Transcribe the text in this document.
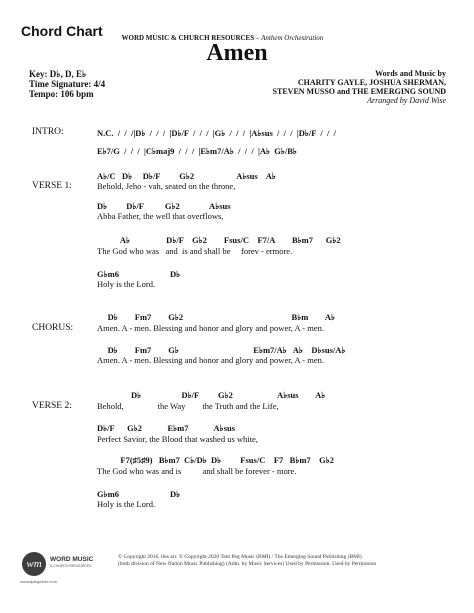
Chord Chart	WORD MUSIC & CHURCH RESOURCES – Anthem Orchestration

Amen
Key: D♭, D, E♭
Time Signature: 4/4
Tempo: 106 bpm
Words and Music by
CHARITY GAYLE, JOSHUA SHERMAN,
STEVEN MUSSO and THE EMERGING SOUND
Arranged by David Wise
INTRO:	N.C.  /  /  /|D♭  /  /  /  |D♭/F  /  /  /  |G♭  /  /  /  |A♭sus  /  /  /  |D♭/F  /  /  /
E♭7/G  /  /  /  |C♭maj9  /  /  /  |E♭m7/A♭  /  /  /  |A♭  G♭/B♭
VERSE 1:
A♭/C   D♭     D♭/F         G♭2                    A♭sus    A♭
Behold, Jeho - vah, seated on the throne,
D♭         D♭/F          G♭2              A♭sus
Abba Father, the well that overflows,
A♭                 D♭/F    G♭2        Fsus/C    F7/A        B♭m7      G♭2
The God who was   and  is and shall be     forev - ermore.
G♭m6                        D♭
Holy is the Lord.
CHORUS:
D♭        Fm7        G♭2                                                   B♭m        A♭
Amen. A - men. Blessing and honor and glory and power, A - men.
D♭        Fm7        G♭                                   E♭m7/A♭   A♭    D♭sus/A♭
Amen. A - men. Blessing and honor and glory and power, A - men.
VERSE 2:
D♭                   D♭/F         G♭2                     A♭sus        A♭
Behold,                the Way        the Truth and the Life,
D♭/F      G♭2            E♭m7            A♭sus
Perfect Savior, the Blood that washed us white,
F7(♯5♯9)   B♭m7  C♭/D♭  D♭         Fsus/C    F7   B♭m7    G♭2
The God who was and is          and shall be forever - more.
G♭m6                        D♭
Holy is the Lord.
wm WORD MUSIC
& CHURCH RESOURCES
worshiptogether.com
© Copyright 2016, this arr. © Copyright 2020 Tent Peg Music (BMI) / The Emerging Sound Publishing (BMI)
(both division of New Nation Music Publishing) (Adm. by Music Services) Used by Permission. Used by Permission
